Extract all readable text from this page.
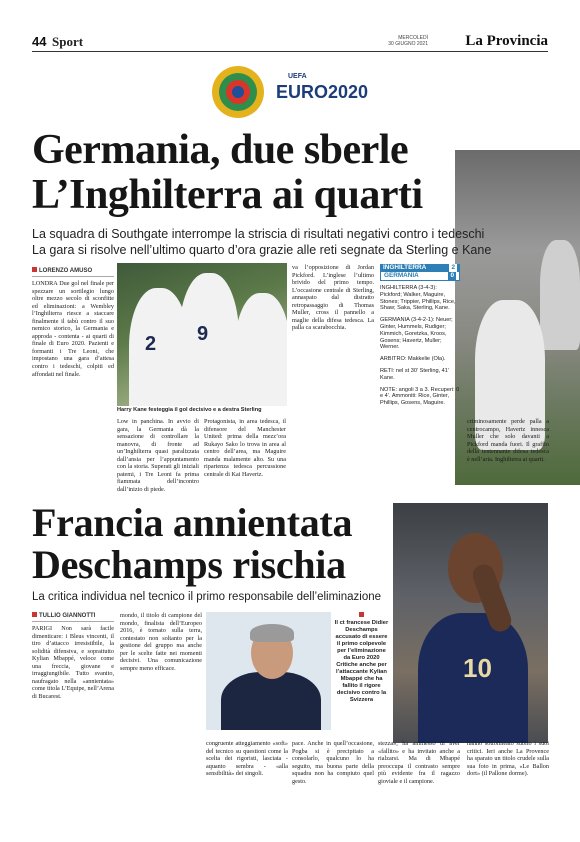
44 Sport	MERCOLEDÌ
30 GIUGNO 2021 La Provincia
UEFA
EURO2020
Germania, due sberle
L’Inghilterra ai quarti
La squadra di Southgate interrompe la striscia di risultati negativi contro i tedeschi
La gara si risolve nell’ultimo quarto d’ora grazie alle reti segnate da Sterling e Kane
LORENZO AMUSO

LONDRA Due gol nel finale per spezzare un sortilegio lungo oltre mezzo secolo di sconfitte ed eliminazioni: a Wembley l’Inghilterra riesce a staccare finalmente il tabù contro il suo nemico storico, la Germania e approda - contenta - ai quarti di finale di Euro 2020. Pazienti e formanti i Tre Leoni, che impostano una gara d’attesa contro i tedeschi, colpiti ed affondati nel finale.

2 9
Harry Kane festeggia il gol decisivo e a destra Sterling

Low in panchina. In avvio di gara, la Germania dà la sensazione di controllare la manovra, di fronte ad un’Inghilterra quasi paralizzata dall’ansia per l’appuntamento con la storia. Superati gli iniziali patemi, i Tre Leoni fa prima fiammata dell’incontro dall’inizio di piede.

Protagonista, in area tedesca, il difensore del Manchester United: prima della mezz’ora Rukayo Sako lo trova in area al centro dell’area, ma Maguire manda malamente alto. Su una ripartenza tedesca percussione centrale di Kai Havertz.

va l’opposizione di Jordan Pickford. L’inglese l’ultimo brivido del primo tempo. L’occasione centrale di Sterling, annaspato dal distratto retropassaggio di Thomas Muller, cross il pannello a maglie della difesa tedesca. La palla ca scarabocchia.

INGHILTERRA	2
GERMANIA	0

INGHILTERRA (3-4-3): Pickford; Walker, Maguire, Stones; Trippier, Phillips, Rice, Shaw; Saka, Sterling, Kane.

GERMANIA (3-4-2-1): Neuer; Ginter, Hummels, Rudiger; Kimmich, Goretzka, Kroos, Gosens; Havertz, Muller; Werner.

ARBITRO: Makkelie (Ola).

RETI: nel st 30’ Sterling, 41’ Kane.

NOTE: angoli 3 a 3. Recuperi: 0 e 4’. Ammoniti: Rice, Ginter, Phillips, Gosens, Maguire.

criminosamente perde palla a centrocampo, Havertz innesca Muller che solo davanti a Pickford manda fuori. Il graffio della tentennante difesa tedesca è nell’aria. Inghilterra ai quarti.

Francia annientata
Deschamps rischia
La critica individua nel tecnico il primo responsabile dell’eliminazione
10
TULLIO GIANNOTTI

PARIGI Non sarà facile dimenticare: i Bleus vincenti, il tiro d’attacco irresistibile, la solidità difensiva, e soprattutto Kylian Mbappé, veloce come una freccia, giovane e irraggiungibile. Tutto svanito, naufragato nella «annientata» come titola L’Equipe, nell’Arena di Bucarest.

mondo, il titolo di campione del mondo, finalista dell’Europeo 2016, è tornato sulla terra, contestato non soltanto per la gestione del gruppo ma anche per le scelte fatte nei momenti decisivi. Una comunicazione sempre meno efficace.

Il ct francese Didier Deschamps accusato di essere il primo colpevole per l’eliminazione da Euro 2020 Critiche anche per l’attaccante Kylian Mbappé che ha fallito il rigore decisivo contro la Svizzera

congruente atteggiamento «soft» del tecnico su questioni come la scelta dei rigoristi, lasciata - aquanto sembra - «alla sensibilità» dei singoli.

pace. Anche in quell’occasione, Pogba si è precipitato a consolarlo, qualcuno lo ha seguito, ma buona parte della squadra non ha compiuto quel gesto.

stezza», ha ammesso di aver «fallito» e ha invitato anche a rialzarsi. Ma di Mbappé preoccupa il contrasto sempre più evidente fra il ragazzo gioviale e il campione.

hanno sottolineato subito i suoi critici. Ieri anche La Provence ha sparato un titolo crudele sulla sua foto in prima, «Le Ballon dort» (il Pallone dorme).
